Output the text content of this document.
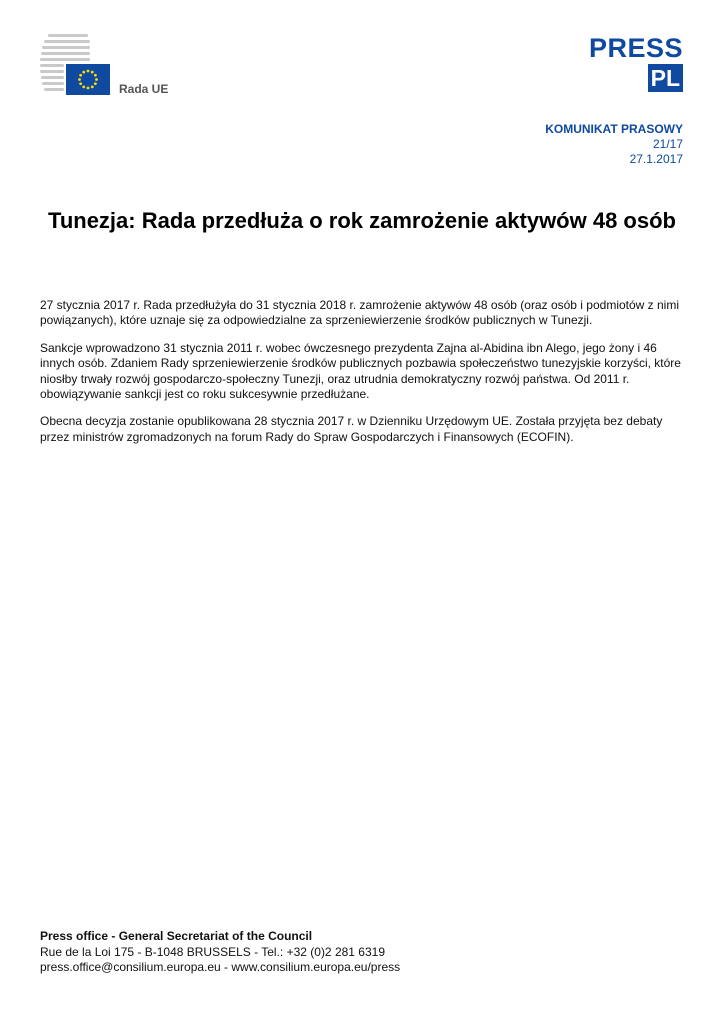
Rada UE
PRESS
PL
KOMUNIKAT PRASOWY
21/17
27.1.2017
Tunezja: Rada przedłuża o rok zamrożenie aktywów 48 osób

27 stycznia 2017 r. Rada przedłużyła do 31 stycznia 2018 r. zamrożenie aktywów 48 osób (oraz osób i podmiotów z nimi powiązanych), które uznaje się za odpowiedzialne za sprzeniewierzenie środków publicznych w Tunezji.

Sankcje wprowadzono 31 stycznia 2011 r. wobec ówczesnego prezydenta Zajna al-Abidina ibn Alego, jego żony i 46 innych osób. Zdaniem Rady sprzeniewierzenie środków publicznych pozbawia społeczeństwo tunezyjskie korzyści, które niosłby trwały rozwój gospodarczo-społeczny Tunezji, oraz utrudnia demokratyczny rozwój państwa. Od 2011 r. obowiązywanie sankcji jest co roku sukcesywnie przedłużane.

Obecna decyzja zostanie opublikowana 28 stycznia 2017 r. w Dzienniku Urzędowym UE. Została przyjęta bez debaty przez ministrów zgromadzonych na forum Rady do Spraw Gospodarczych i Finansowych (ECOFIN).

Press office - General Secretariat of the Council
Rue de la Loi 175 - B-1048 BRUSSELS - Tel.: +32 (0)2 281 6319
press.office@consilium.europa.eu - www.consilium.europa.eu/press
